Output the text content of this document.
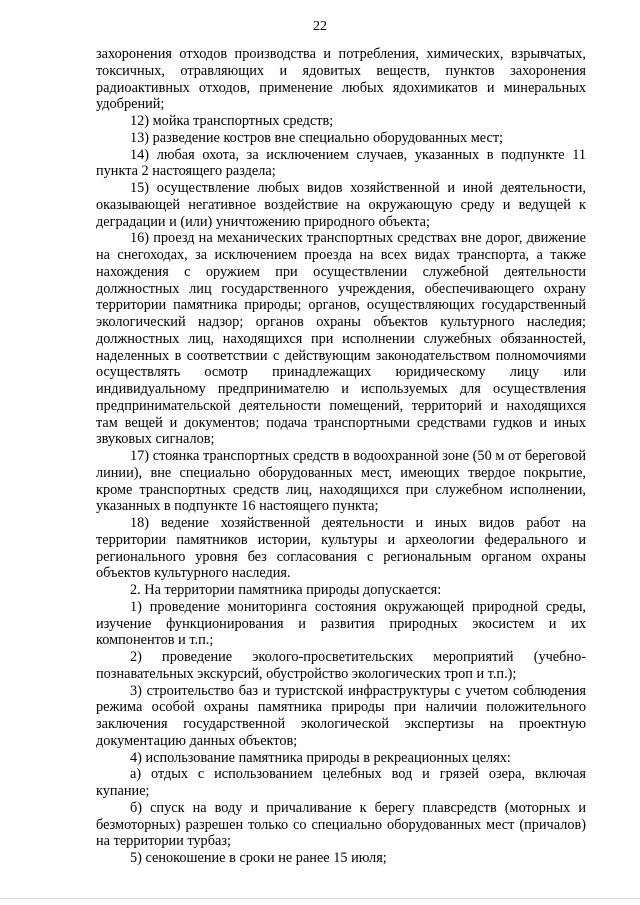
22

захоронения отходов производства и потребления, химических, взрывчатых, токсичных, отравляющих и ядовитых веществ, пунктов захоронения радиоактивных отходов, применение любых ядохимикатов и минеральных удобрений;

12) мойка транспортных средств;

13) разведение костров вне специально оборудованных мест;

14) любая охота, за исключением случаев, указанных в подпункте 11 пункта 2 настоящего раздела;

15) осуществление любых видов хозяйственной и иной деятельности, оказывающей негативное воздействие на окружающую среду и ведущей к деградации и (или) уничтожению природного объекта;

16) проезд на механических транспортных средствах вне дорог, движение на снегоходах, за исключением проезда на всех видах транспорта, а также нахождения с оружием при осуществлении служебной деятельности должностных лиц государственного учреждения, обеспечивающего охрану территории памятника природы; органов, осуществляющих государственный экологический надзор; органов охраны объектов культурного наследия; должностных лиц, находящихся при исполнении служебных обязанностей, наделенных в соответствии с действующим законодательством полномочиями осуществлять осмотр принадлежащих юридическому лицу или индивидуальному предпринимателю и используемых для осуществления предпринимательской деятельности помещений, территорий и находящихся там вещей и документов; подача транспортными средствами гудков и иных звуковых сигналов;

17) стоянка транспортных средств в водоохранной зоне (50 м от береговой линии), вне специально оборудованных мест, имеющих твердое покрытие, кроме транспортных средств лиц, находящихся при служебном исполнении, указанных в подпункте 16 настоящего пункта;

18) ведение хозяйственной деятельности и иных видов работ на территории памятников истории, культуры и археологии федерального и регионального уровня без согласования с региональным органом охраны объектов культурного наследия.

2. На территории памятника природы допускается:

1) проведение мониторинга состояния окружающей природной среды, изучение функционирования и развития природных экосистем и их компонентов и т.п.;

2) проведение эколого-просветительских мероприятий (учебно-познавательных экскурсий, обустройство экологических троп и т.п.);

3) строительство баз и туристской инфраструктуры с учетом соблюдения режима особой охраны памятника природы при наличии положительного заключения государственной экологической экспертизы на проектную документацию данных объектов;

4) использование памятника природы в рекреационных целях:

а) отдых с использованием целебных вод и грязей озера, включая купание;

б) спуск на воду и причаливание к берегу плавсредств (моторных и безмоторных) разрешен только со специально оборудованных мест (причалов) на территории турбаз;

5) сенокошение в сроки не ранее 15 июля;
